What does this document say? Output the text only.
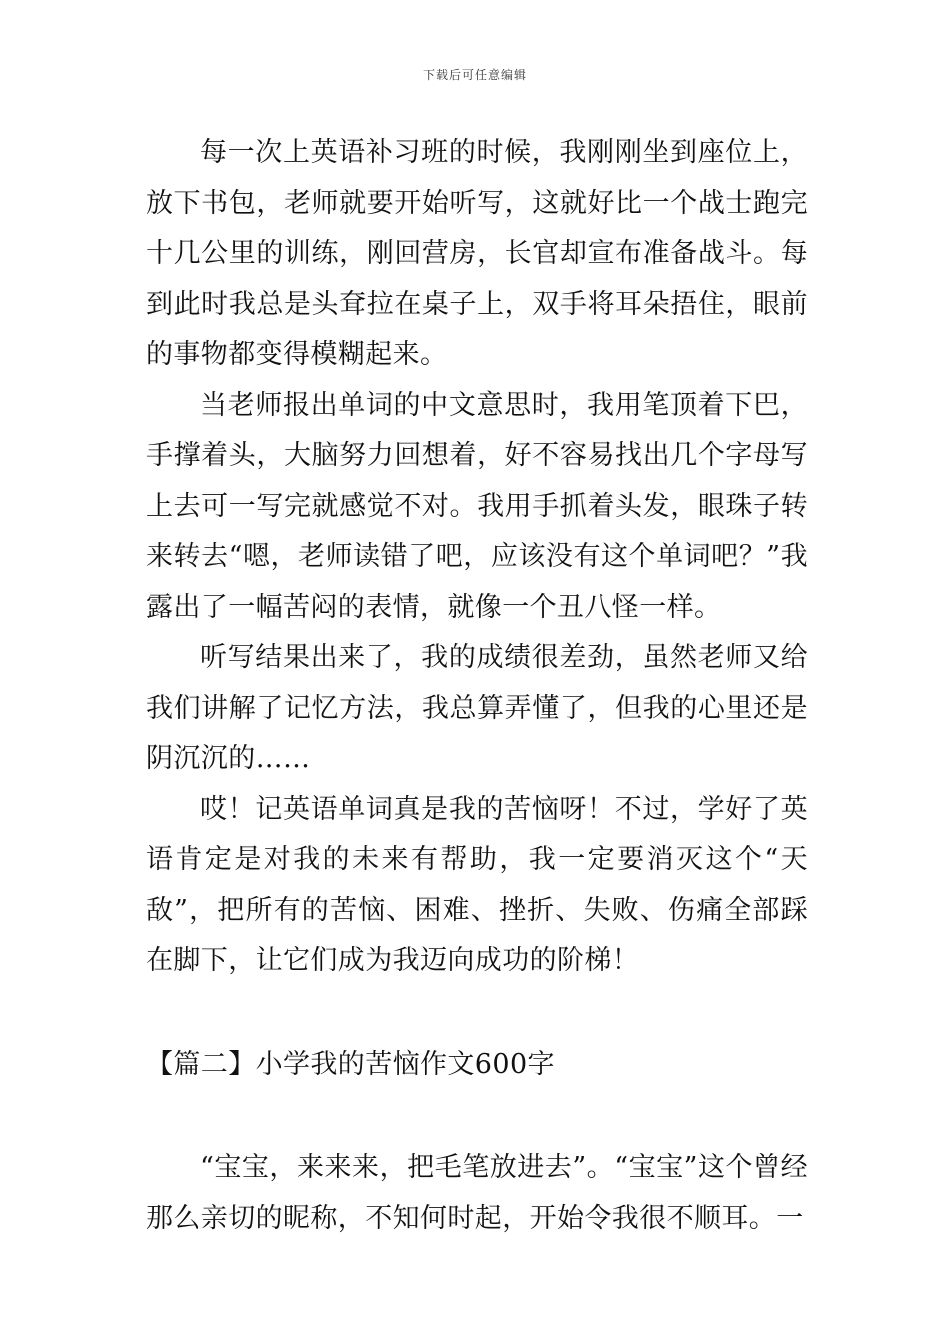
下载后可任意编辑

每一次上英语补习班的时候，我刚刚坐到座位上，放下书包，老师就要开始听写，这就好比一个战士跑完十几公里的训练，刚回营房，长官却宣布准备战斗。每到此时我总是头耷拉在桌子上，双手将耳朵捂住，眼前的事物都变得模糊起来。

当老师报出单词的中文意思时，我用笔顶着下巴，手撑着头，大脑努力回想着，好不容易找出几个字母写上去可一写完就感觉不对。我用手抓着头发，眼珠子转来转去“嗯，老师读错了吧，应该没有这个单词吧？”我露出了一幅苦闷的表情，就像一个丑八怪一样。

听写结果出来了，我的成绩很差劲，虽然老师又给我们讲解了记忆方法，我总算弄懂了，但我的心里还是阴沉沉的……

哎！记英语单词真是我的苦恼呀！不过，学好了英语肯定是对我的未来有帮助，我一定要消灭这个“天敌”，把所有的苦恼、困难、挫折、失败、伤痛全部踩在脚下，让它们成为我迈向成功的阶梯！

【篇二】小学我的苦恼作文600字

“宝宝，来来来，把毛笔放进去”。“宝宝”这个曾经那么亲切的昵称，不知何时起，开始令我很不顺耳。一
